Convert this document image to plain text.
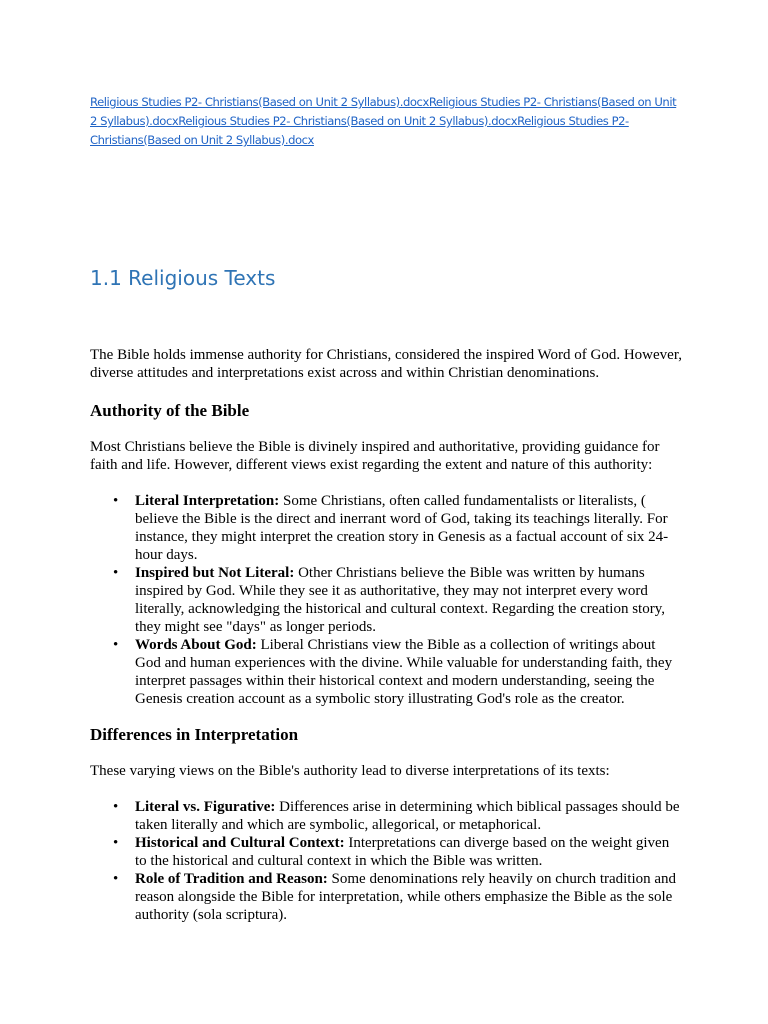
Religious Studies P2- Christians(Based on Unit 2 Syllabus).docxReligious Studies P2- Christians(Based on Unit 2 Syllabus).docxReligious Studies P2- Christians(Based on Unit 2 Syllabus).docxReligious Studies P2- Christians(Based on Unit 2 Syllabus).docx
1.1 Religious Texts

The Bible holds immense authority for Christians, considered the inspired Word of God. However, diverse attitudes and interpretations exist across and within Christian denominations.

Authority of the Bible

Most Christians believe the Bible is divinely inspired and authoritative, providing guidance for faith and life. However, different views exist regarding the extent and nature of this authority:

• Literal Interpretation: Some Christians, often called fundamentalists or literalists, ( believe the Bible is the direct and inerrant word of God, taking its teachings literally. For instance, they might interpret the creation story in Genesis as a factual account of six 24-hour days.
• Inspired but Not Literal: Other Christians believe the Bible was written by humans inspired by God. While they see it as authoritative, they may not interpret every word literally, acknowledging the historical and cultural context. Regarding the creation story, they might see "days" as longer periods.
• Words About God: Liberal Christians view the Bible as a collection of writings about God and human experiences with the divine. While valuable for understanding faith, they interpret passages within their historical context and modern understanding, seeing the Genesis creation account as a symbolic story illustrating God's role as the creator.
Differences in Interpretation

These varying views on the Bible's authority lead to diverse interpretations of its texts:

• Literal vs. Figurative: Differences arise in determining which biblical passages should be taken literally and which are symbolic, allegorical, or metaphorical.
• Historical and Cultural Context: Interpretations can diverge based on the weight given to the historical and cultural context in which the Bible was written.
• Role of Tradition and Reason: Some denominations rely heavily on church tradition and reason alongside the Bible for interpretation, while others emphasize the Bible as the sole authority (sola scriptura).
